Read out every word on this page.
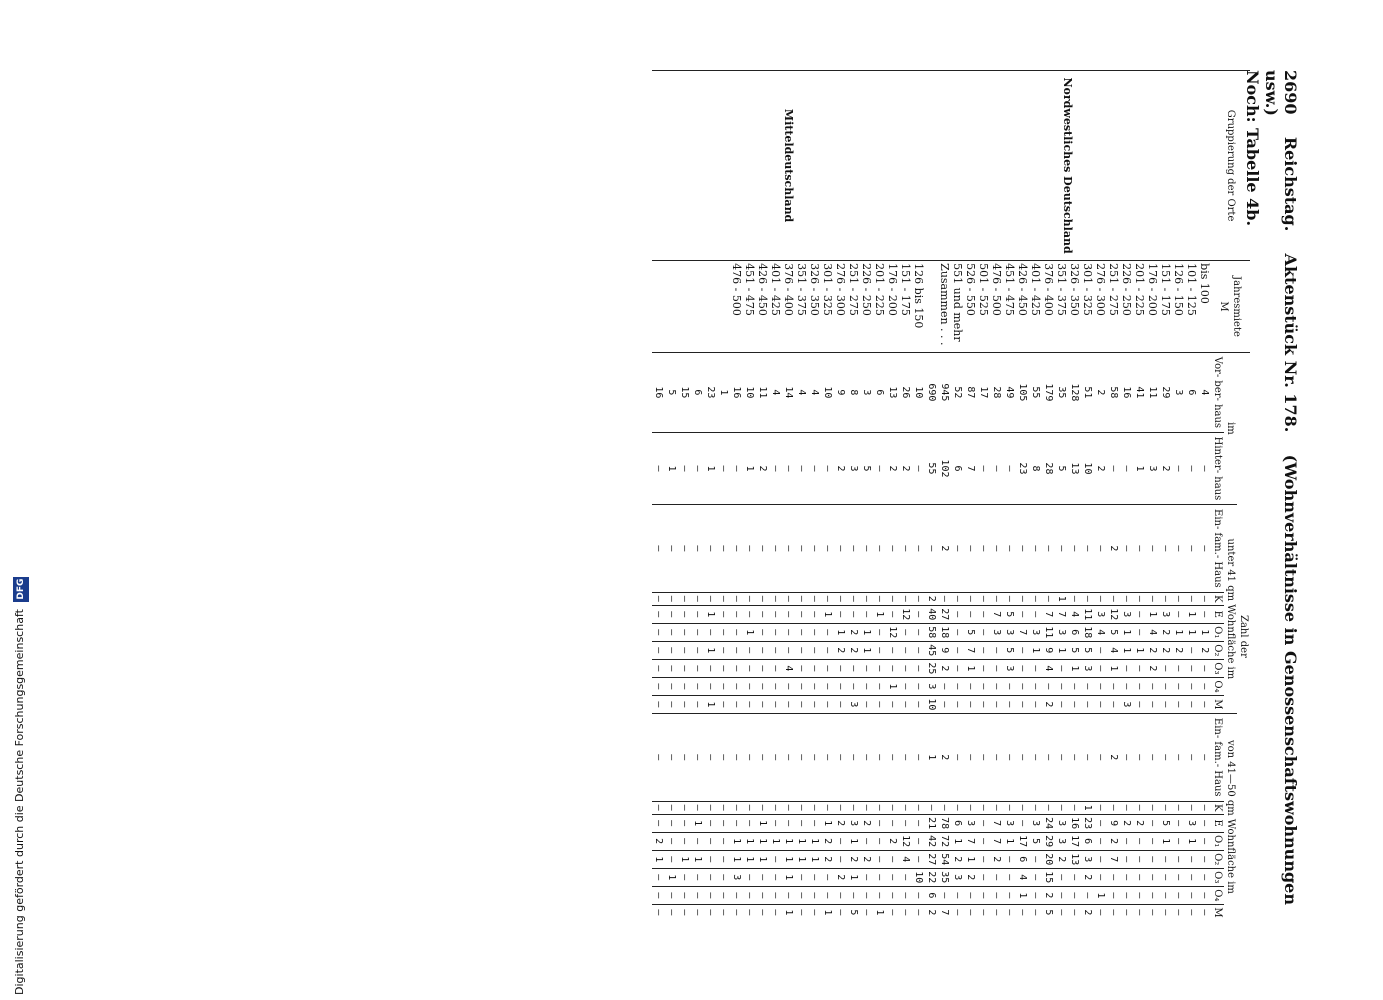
2690    Reichstag.    Aktenstück Nr. 178.    (Wohnverhältnisse in Genossenschaftswohnungen usw.)
Noch: Tabelle 4b.
Gruppierung der Orte	Jahresmiete
M	Zahl der																	
		im		unter 41 qm Wohnfläche im								von 41—50 qm Wohnfläche im							
		Vor- ber- haus	Hinter- haus	Ein- fam.- Haus	K	E	O₁	O₂	O₃	O₄	M	Ein- fam.- Haus	K	E	O₁	O₂	O₃	O₄	M
Nordwestliches Deutschland	bis 100	4	—	—	—	—	1	2	—	—	—	—	—	—	—	—	—	—	—
	101 - 125	6	—	—	—	1	1	—	—	—	—	—	—	3	1	—	—	—	—
	126 - 150	3	—	—	—	—	1	2	—	—	—	—	—	—	—	—	—	—	—
	151 - 175	29	2	—	—	3	2	2	—	—	—	—	—	5	1	—	—	—	—
	176 - 200	11	3	—	—	1	4	2	2	—	—	—	—	—	—	—	—	—	—
	201 - 225	41	1	—	—	—	—	1	—	—	—	—	—	2	—	—	—	—	—
	226 - 250	16	—	—	—	3	1	1	—	—	3	—	—	2	—	—	—	—	—
	251 - 275	58	—	2	—	12	5	4	1	—	—	2	—	9	2	7	—	—	—
	276 - 300	2	2	—	—	3	4	—	—	—	—	—	—	—	—	—	—	1	—
	301 - 325	51	10	—	—	11	18	5	3	—	—	—	1	23	6	3	2	—	2
	326 - 350	128	13	—	—	4	6	5	1	—	—	—	—	16	17	13	—	—	—
	351 - 375	35	5	—	1	7	3	1	—	—	—	—	—	3	3	2	—	—	—
	376 - 400	179	28	—	—	7	11	9	4	—	2	—	—	24	29	20	15	2	5
	401 - 425	55	8	—	—	—	3	1	—	—	—	—	—	3	5	—	—	—	—
	426 - 450	105	23	—	—	—	7	—	—	—	—	—	—	—	17	6	4	1	—
	451 - 475	49	—	—	—	5	3	5	3	—	—	—	—	3	1	—	—	—	—
	476 - 500	28	—	—	—	7	3	—	—	—	—	—	—	7	7	2	—	—	—
	501 - 525	17	—	—	—	—	—	—	—	—	—	—	—	—	—	—	—	—	—
	526 - 550	87	7	—	—	—	5	7	1	—	—	—	—	3	7	1	2	—	—
	551 und mehr	52	6	—	—	—	—	—	—	—	—	—	—	6	1	2	3	—	—
	Zusammen . . .	945	102	2	—	27	18	9	2	—	—	2	—	78	72	54	35	—	7
		690	55	—	2	40	58	45	25	3	10	1	—	21	42	27	22	6	2
Mitteldeutschland	126 bis 150	10	—	—	—	—	—	—	—	—	—	—	—	—	—	—	10	—	—
	151 - 175	26	2	—	—	12	—	—	—	—	—	—	—	—	12	4	—	—	—
	176 - 200	13	2	—	—	—	12	—	—	1	—	—	—	—	2	—	—	—	—
	201 - 225	6	—	—	—	1	—	—	—	—	—	—	—	—	—	—	—	—	1
	226 - 250	3	5	—	—	—	1	1	—	—	—	—	—	2	—	2	—	—	—
	251 - 275	8	3	—	—	—	2	2	—	—	3	—	—	3	1	2	1	—	5
	276 - 300	9	2	—	—	—	1	2	—	—	—	—	—	2	—	—	2	—	—
	301 - 325	10	—	—	—	1	—	—	—	—	—	—	—	1	2	2	—	—	1
	326 - 350	4	—	—	—	—	—	—	—	—	—	—	—	—	1	1	—	—	—
	351 - 375	4	—	—	—	—	—	—	—	—	—	—	—	—	1	1	—	—	—
	376 - 400	14	—	—	—	—	—	—	4	—	—	—	—	—	1	1	1	—	1
	401 - 425	4	—	—	—	—	—	—	—	—	—	—	—	—	1	—	—	—	—
	426 - 450	11	2	—	—	—	—	—	—	—	—	—	—	1	1	1	—	—	—
	451 - 475	10	1	—	—	—	1	—	—	—	—	—	—	—	1	1	—	—	—
	476 - 500	16	—	—	—	—	—	—	—	—	—	—	—	—	1	1	3	—	—
		1	—	—	—	—	—	—	—	—	—	—	—	—	—	—	—	—	—
		23	1	—	—	1	—	1	—	—	1	—	—	—	—	—	—	—	—
		6	—	—	—	—	—	—	—	—	—	—	—	1	—	1	—	—	—
		15	—	—	—	—	—	—	—	—	—	—	—	—	—	1	—	—	—
		5	1	—	—	—	—	—	—	—	—	—	—	—	—	—	1	—	—
		16	—	—	—	—	—	—	—	—	—	—	—	—	2	1	—	—	—
Digitalisierung gefördert durch die Deutsche Forschungsgemeinschaft DFG
